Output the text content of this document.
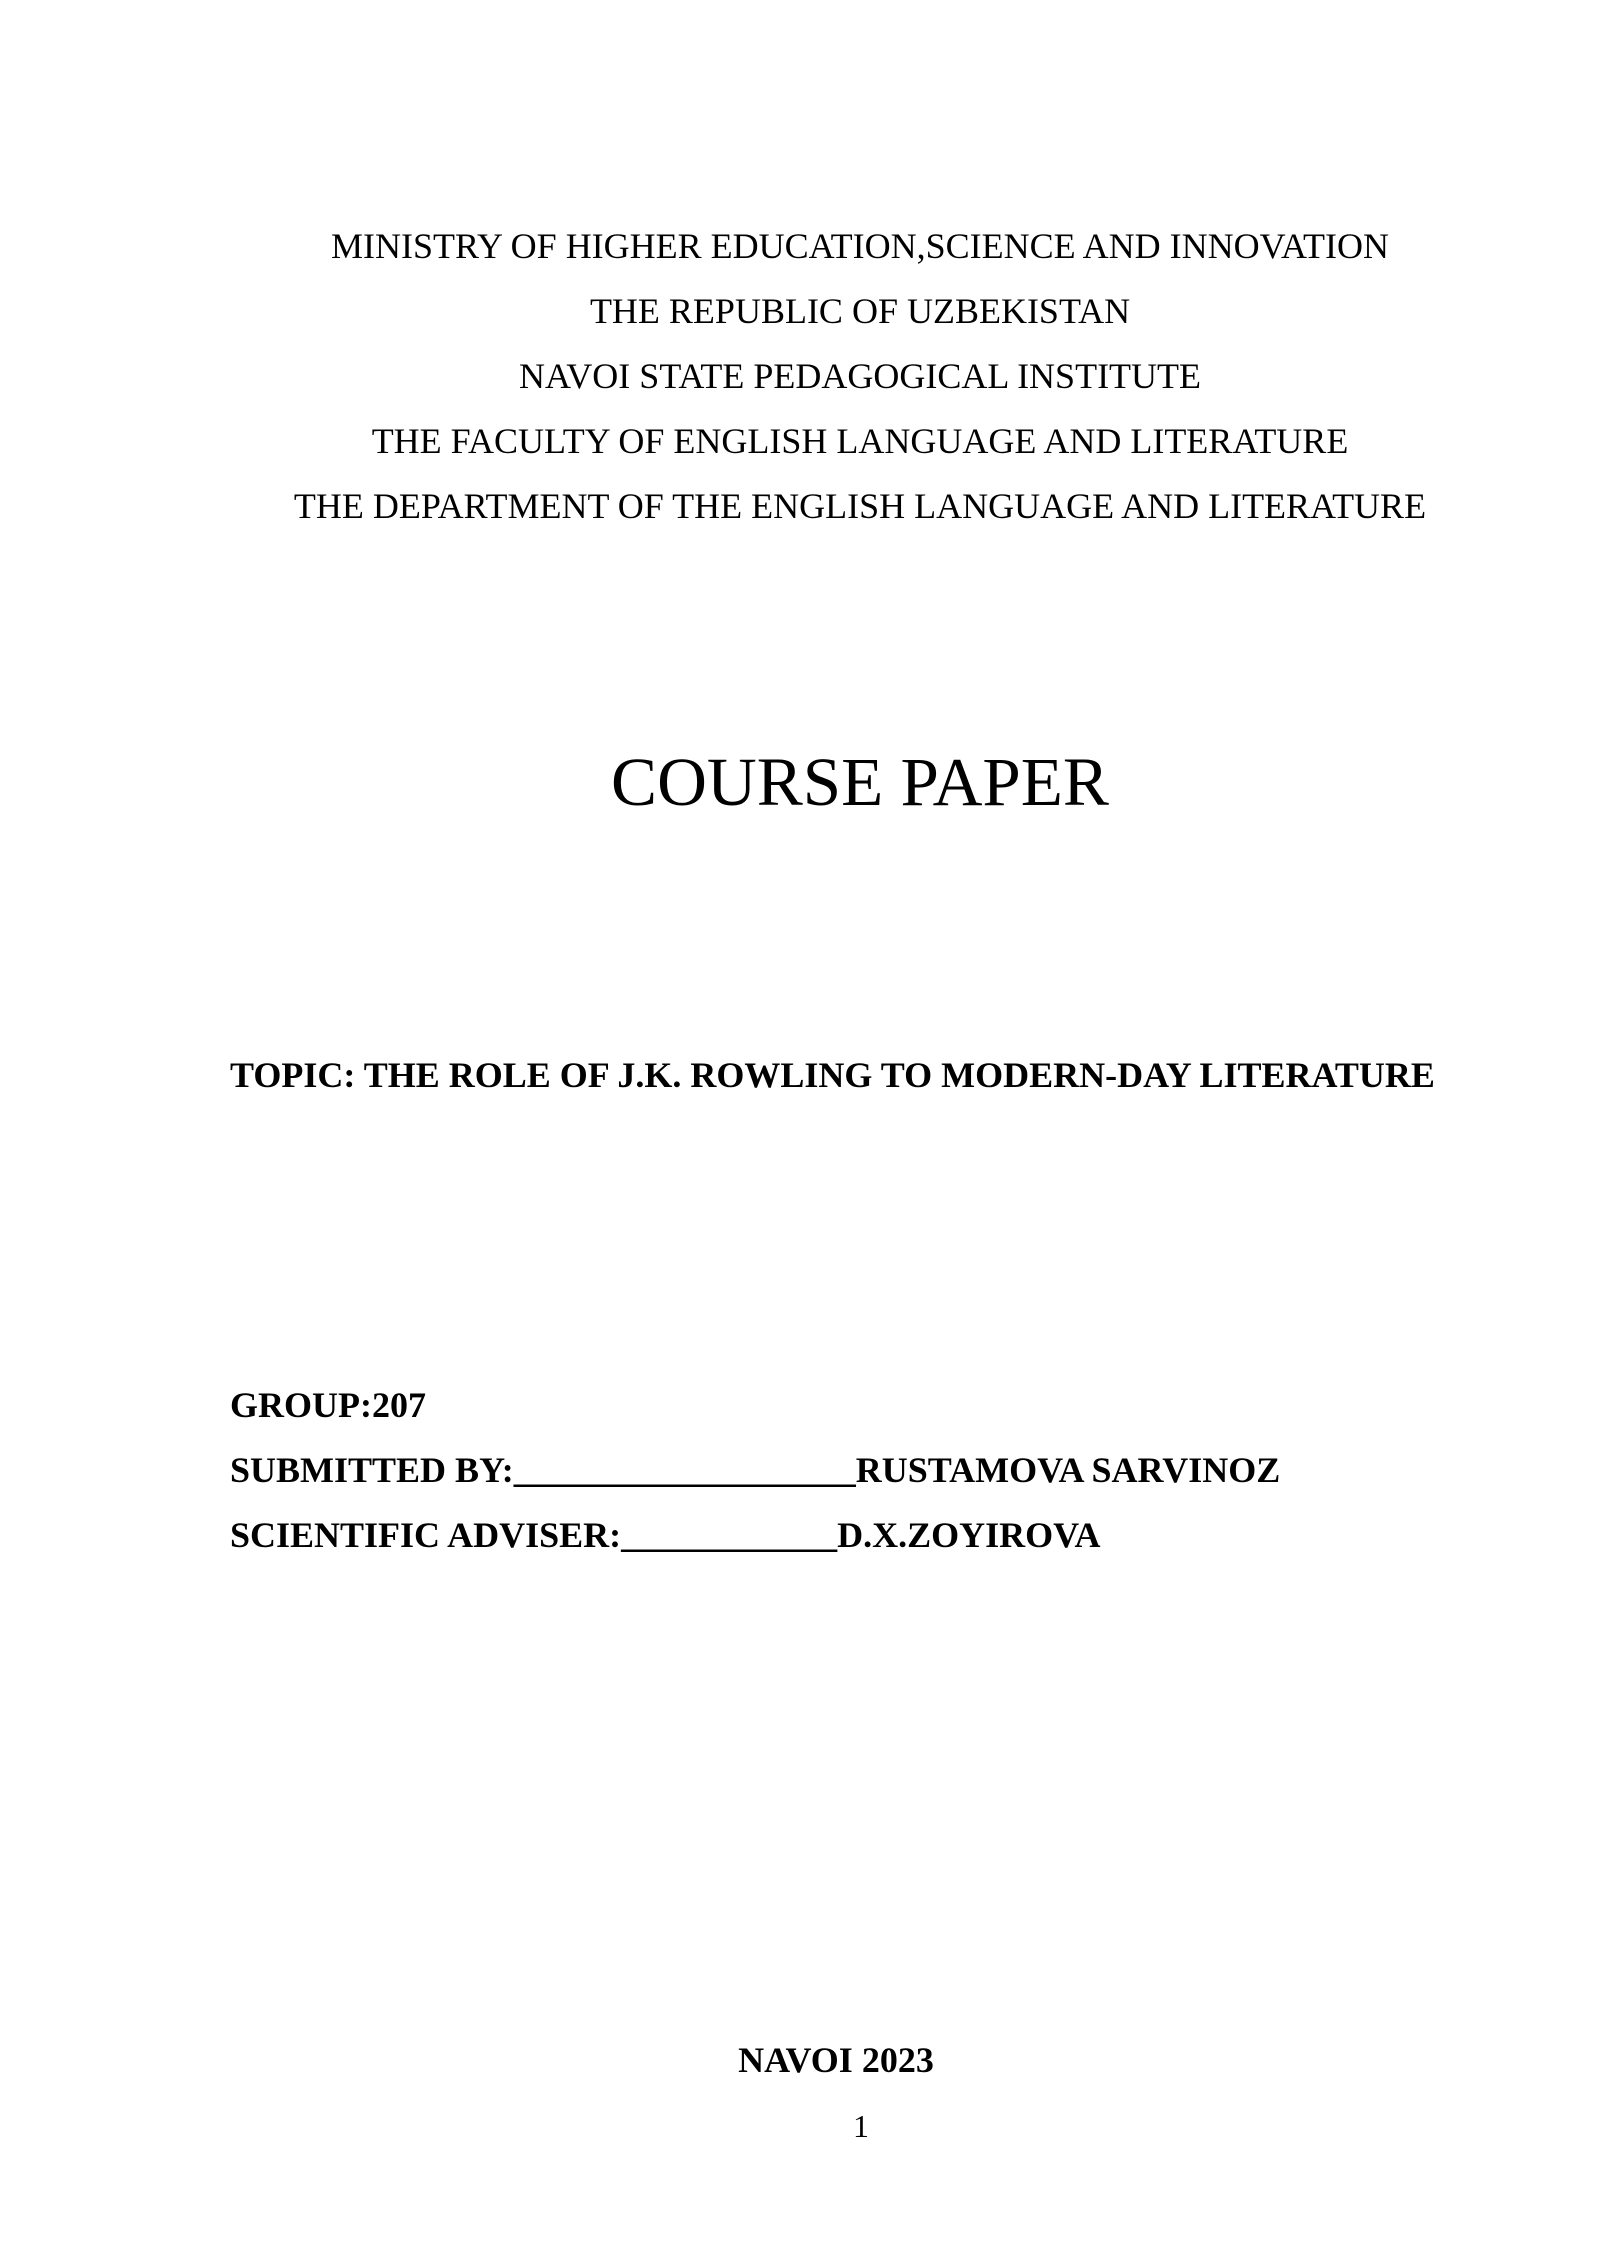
MINISTRY OF HIGHER EDUCATION,SCIENCE AND INNOVATION
THE REPUBLIC OF UZBEKISTAN
NAVOI STATE PEDAGOGICAL INSTITUTE
THE FACULTY OF ENGLISH LANGUAGE AND LITERATURE
THE DEPARTMENT OF THE ENGLISH LANGUAGE AND LITERATURE
COURSE PAPER
TOPIC: THE ROLE OF J.K. ROWLING TO MODERN-DAY LITERATURE
GROUP:207
SUBMITTED BY:___________________RUSTAMOVA SARVINOZ
SCIENTIFIC ADVISER:____________D.X.ZOYIROVA
NAVOI 2023
1
